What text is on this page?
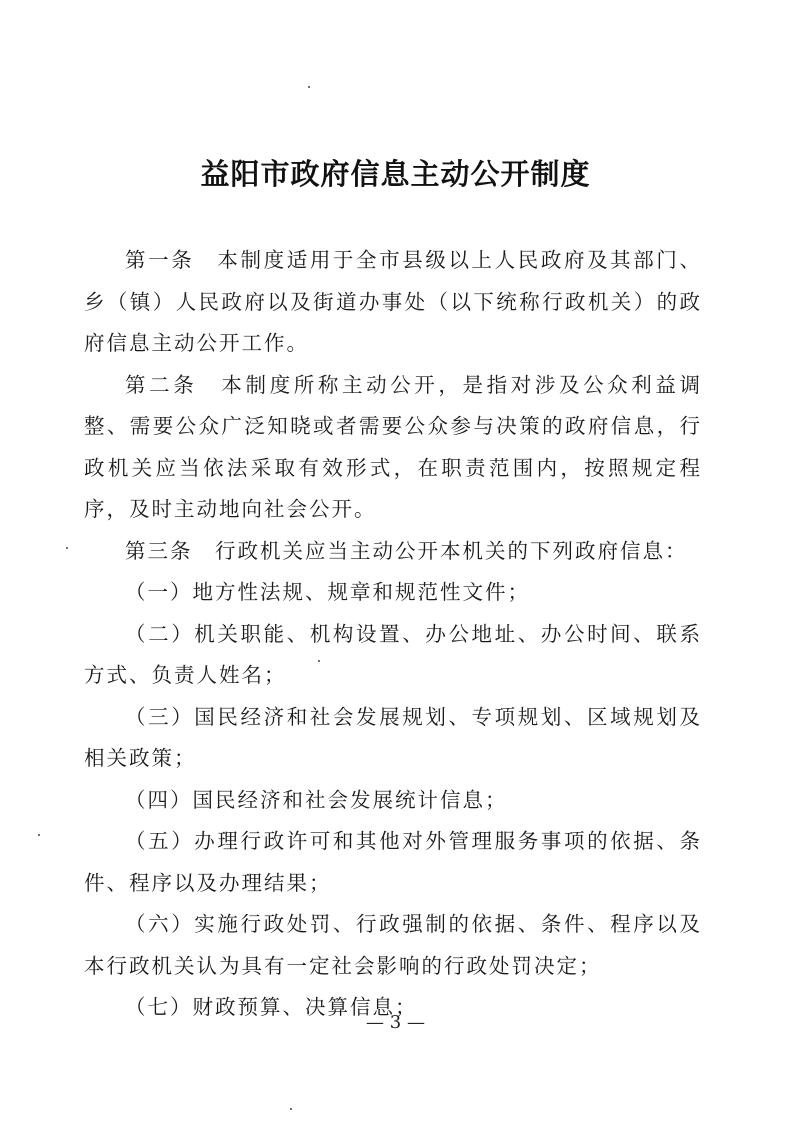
益阳市政府信息主动公开制度

第一条　本制度适用于全市县级以上人民政府及其部门、乡（镇）人民政府以及街道办事处（以下统称行政机关）的政府信息主动公开工作。

第二条　本制度所称主动公开，是指对涉及公众利益调整、需要公众广泛知晓或者需要公众参与决策的政府信息，行政机关应当依法采取有效形式，在职责范围内，按照规定程序，及时主动地向社会公开。

第三条　行政机关应当主动公开本机关的下列政府信息：

（一）地方性法规、规章和规范性文件；

（二）机关职能、机构设置、办公地址、办公时间、联系方式、负责人姓名；

（三）国民经济和社会发展规划、专项规划、区域规划及相关政策；

（四）国民经济和社会发展统计信息；

（五）办理行政许可和其他对外管理服务事项的依据、条件、程序以及办理结果；

（六）实施行政处罚、行政强制的依据、条件、程序以及本行政机关认为具有一定社会影响的行政处罚决定；

（七）财政预算、决算信息；

— 3 —
